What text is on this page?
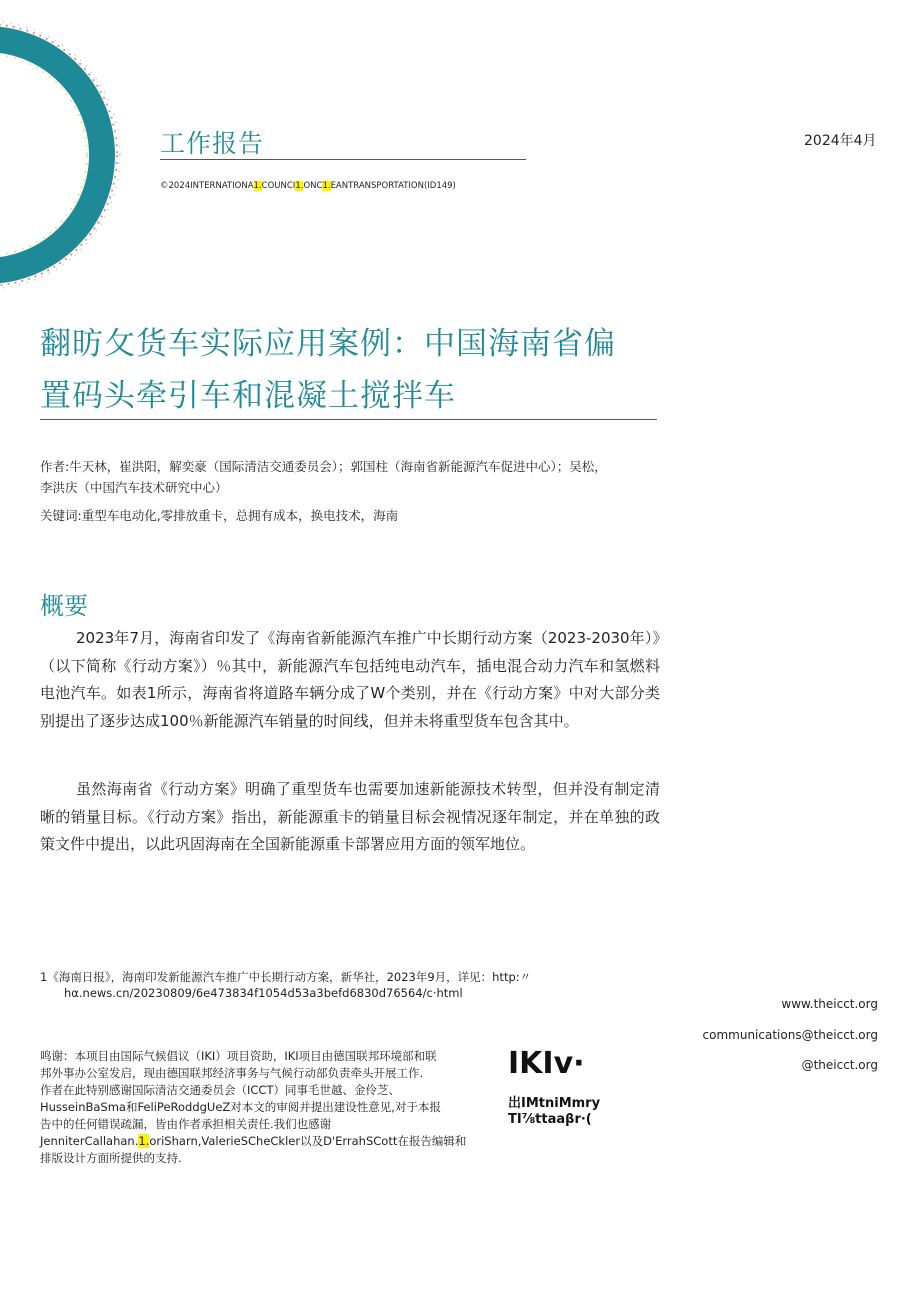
工作报告	2024年4月
©2024INTERNATIONA1.COUNCI1.ONC1.EANTRANSPORTATION(ID149)
翻昉攵货车实际应用案例：中国海南省偏
置码头牵引车和混凝土搅拌车
作者:牛天林，崔洪阳，解奕豪（国际清洁交通委员会）；郭国柱（海南省新能源汽车促进中心）；吴松，
李洪庆（中国汽车技术研究中心）
关键词:重型车电动化,零排放重卡，总拥有成本，换电技术，海南
概要
2023年7月，海南省印发了《海南省新能源汽车推广中长期行动方案（2023-2030年）》（以下简称《行动方案》）％其中，新能源汽车包括纯电动汽车，插电混合动力汽车和氢燃料电池汽车。如表1所示，海南省将道路车辆分成了W个类别，并在《行动方案》中对大部分类别提出了逐步达成100％新能源汽车销量的时间线，但并未将重型货车包含其中。
虽然海南省《行动方案》明确了重型货车也需要加速新能源技术转型，但并没有制定清晰的销量目标。《行动方案》指出，新能源重卡的销量目标会视情况逐年制定，并在单独的政策文件中提出，以此巩固海南在全国新能源重卡部署应用方面的领军地位。
1《海南日报》，海南印发新能源汽车推广中长期行动方案，新华社，2023年9月，详见：http:〃
hα.news.cn/20230809/6e473834f1054d53a3befd6830d76564/c·html
www.theicct.org
communications@theicct.org
@theicct.org
鸣谢：本项目由国际气候倡议（IKI）项目资助，IKI项目由德国联邦环境部和联
邦外事办公室发启，现由德国联邦经济事务与气候行动部负责牵头开展工作.
作者在此特别感谢国际清洁交通委员会（ICCT）同事毛世越、金伶芝、
HusseinBaSma和FeliPeRoddgUeZ对本文的审阅并提出建设性意见,对于本报
告中的任何错误疏漏，皆由作者承担相关责任.我们也感谢
JenniterCallahan.1.oriSharn,ValerieSCheCkler以及D'ErrahSCott在报告编辑和
排版设计方面所提供的支持.
IKIv·
岀IMtniMmry
TI⅞ttaaβr·(
